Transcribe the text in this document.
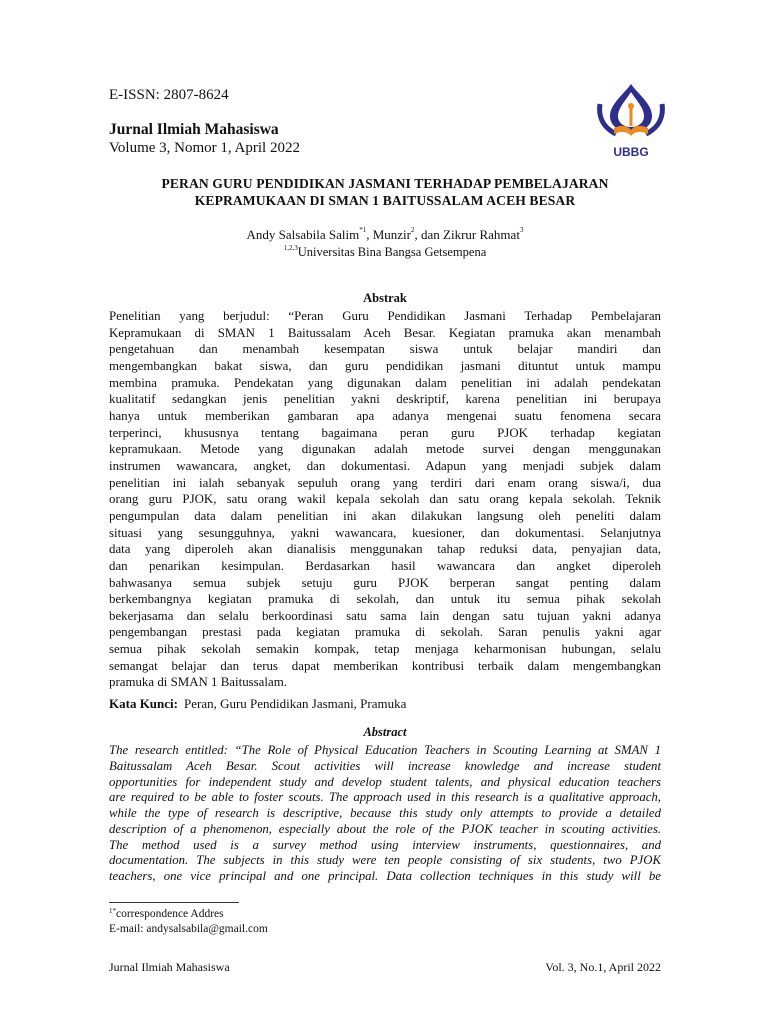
E-ISSN: 2807-8624
Jurnal Ilmiah Mahasiswa
Volume 3, Nomor 1, April 2022	UBBG
PERAN GURU PENDIDIKAN JASMANI TERHADAP PEMBELAJARAN
KEPRAMUKAAN DI SMAN 1 BAITUSSALAM ACEH BESAR
Andy Salsabila Salim$^{*1}$, Munzir$^2$, dan Zikrur Rahmat$^3$
$^{1,2,3}$Universitas Bina Bangsa Getsempena
Abstrak
Penelitian yang berjudul: “Peran Guru Pendidikan Jasmani Terhadap Pembelajaran
Kepramukaan di SMAN 1 Baitussalam Aceh Besar. Kegiatan pramuka akan menambah
pengetahuan dan menambah kesempatan siswa untuk belajar mandiri dan
mengembangkan bakat siswa, dan guru pendidikan jasmani dituntut untuk mampu
membina pramuka. Pendekatan yang digunakan dalam penelitian ini adalah pendekatan
kualitatif sedangkan jenis penelitian yakni deskriptif, karena penelitian ini berupaya
hanya untuk memberikan gambaran apa adanya mengenai suatu fenomena secara
terperinci, khususnya tentang bagaimana peran guru PJOK terhadap kegiatan
kepramukaan. Metode yang digunakan adalah metode survei dengan menggunakan
instrumen wawancara, angket, dan dokumentasi. Adapun yang menjadi subjek dalam
penelitian ini ialah sebanyak sepuluh orang yang terdiri dari enam orang siswa/i, dua
orang guru PJOK, satu orang wakil kepala sekolah dan satu orang kepala sekolah. Teknik
pengumpulan data dalam penelitian ini akan dilakukan langsung oleh peneliti dalam
situasi yang sesungguhnya, yakni wawancara, kuesioner, dan dokumentasi. Selanjutnya
data yang diperoleh akan dianalisis menggunakan tahap reduksi data, penyajian data,
dan penarikan kesimpulan. Berdasarkan hasil wawancara dan angket diperoleh
bahwasanya semua subjek setuju guru PJOK berperan sangat penting dalam
berkembangnya kegiatan pramuka di sekolah, dan untuk itu semua pihak sekolah
bekerjasama dan selalu berkoordinasi satu sama lain dengan satu tujuan yakni adanya
pengembangan prestasi pada kegiatan pramuka di sekolah. Saran penulis yakni agar
semua pihak sekolah semakin kompak, tetap menjaga keharmonisan hubungan, selalu
semangat belajar dan terus dapat memberikan kontribusi terbaik dalam mengembangkan
pramuka di SMAN 1 Baitussalam.
Kata Kunci: Peran, Guru Pendidikan Jasmani, Pramuka
Abstract
The research entitled: “The Role of Physical Education Teachers in Scouting Learning at SMAN 1
Baitussalam Aceh Besar. Scout activities will increase knowledge and increase student
opportunities for independent study and develop student talents, and physical education teachers
are required to be able to foster scouts. The approach used in this research is a qualitative approach,
while the type of research is descriptive, because this study only attempts to provide a detailed
description of a phenomenon, especially about the role of the PJOK teacher in scouting activities.
The method used is a survey method using interview instruments, questionnaires, and
documentation. The subjects in this study were ten people consisting of six students, two PJOK
teachers, one vice principal and one principal. Data collection techniques in this study will be
$^{1*}$correspondence Addres
E-mail: andysalsabila@gmail.com
Jurnal Ilmiah Mahasiswa	Vol. 3, No.1, April 2022
